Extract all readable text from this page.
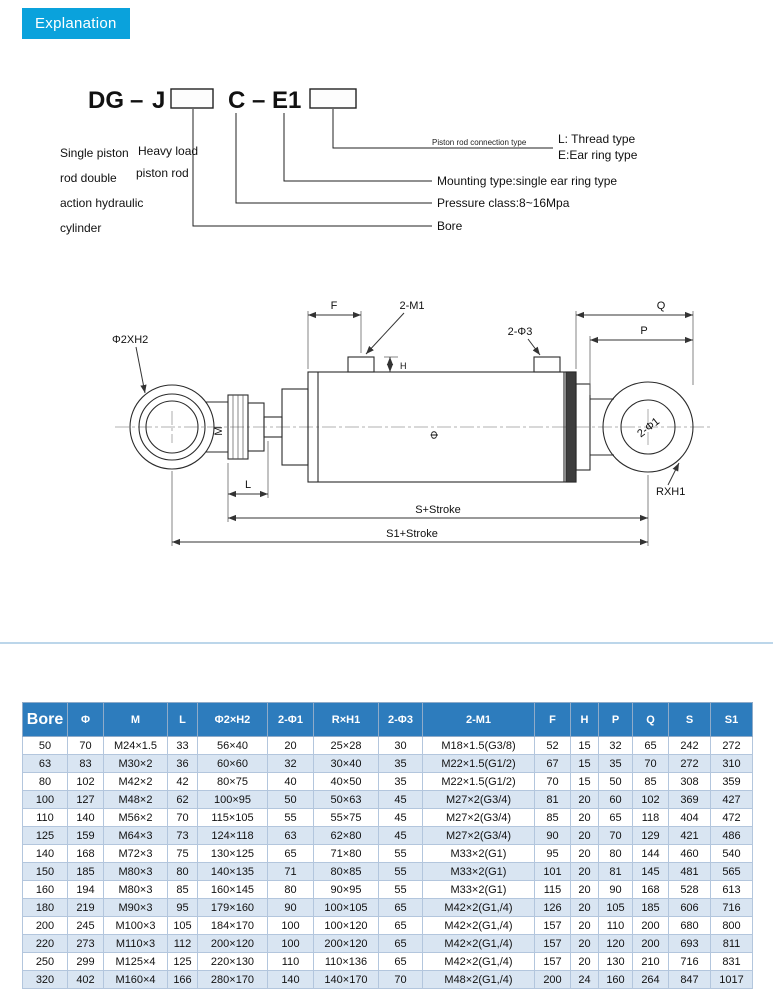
Explanation
DG – J	C – E1
Piston rod connection type	L: Thread type
E:Ear ring type
Mounting type:single ear ring type
Pressure class:8~16Mpa
Bore
Single piston
rod double
action hydraulic
cylinder
Heavy load
piston rod
F	2-M1
H
Q
P
2-Φ3
Φ2XH2
M	Φ	2-Φ1
RXH1
L
S+Stroke
S1+Stroke
Bore	Φ	M	L	Φ2×H2	2-Φ1	R×H1	2-Φ3	2-M1	F	H	P	Q	S	S1
50	70	M24×1.5	33	56×40	20	25×28	30	M18×1.5(G3/8)	52	15	32	65	242	272
63	83	M30×2	36	60×60	32	30×40	35	M22×1.5(G1/2)	67	15	35	70	272	310
80	102	M42×2	42	80×75	40	40×50	35	M22×1.5(G1/2)	70	15	50	85	308	359
100	127	M48×2	62	100×95	50	50×63	45	M27×2(G3/4)	81	20	60	102	369	427
110	140	M56×2	70	115×105	55	55×75	45	M27×2(G3/4)	85	20	65	118	404	472
125	159	M64×3	73	124×118	63	62×80	45	M27×2(G3/4)	90	20	70	129	421	486
140	168	M72×3	75	130×125	65	71×80	55	M33×2(G1)	95	20	80	144	460	540
150	185	M80×3	80	140×135	71	80×85	55	M33×2(G1)	101	20	81	145	481	565
160	194	M80×3	85	160×145	80	90×95	55	M33×2(G1)	115	20	90	168	528	613
180	219	M90×3	95	179×160	90	100×105	65	M42×2(G1,/4)	126	20	105	185	606	716
200	245	M100×3	105	184×170	100	100×120	65	M42×2(G1,/4)	157	20	110	200	680	800
220	273	M110×3	112	200×120	100	200×120	65	M42×2(G1,/4)	157	20	120	200	693	811
250	299	M125×4	125	220×130	110	110×136	65	M42×2(G1,/4)	157	20	130	210	716	831
320	402	M160×4	166	280×170	140	140×170	70	M48×2(G1,/4)	200	24	160	264	847	1017
